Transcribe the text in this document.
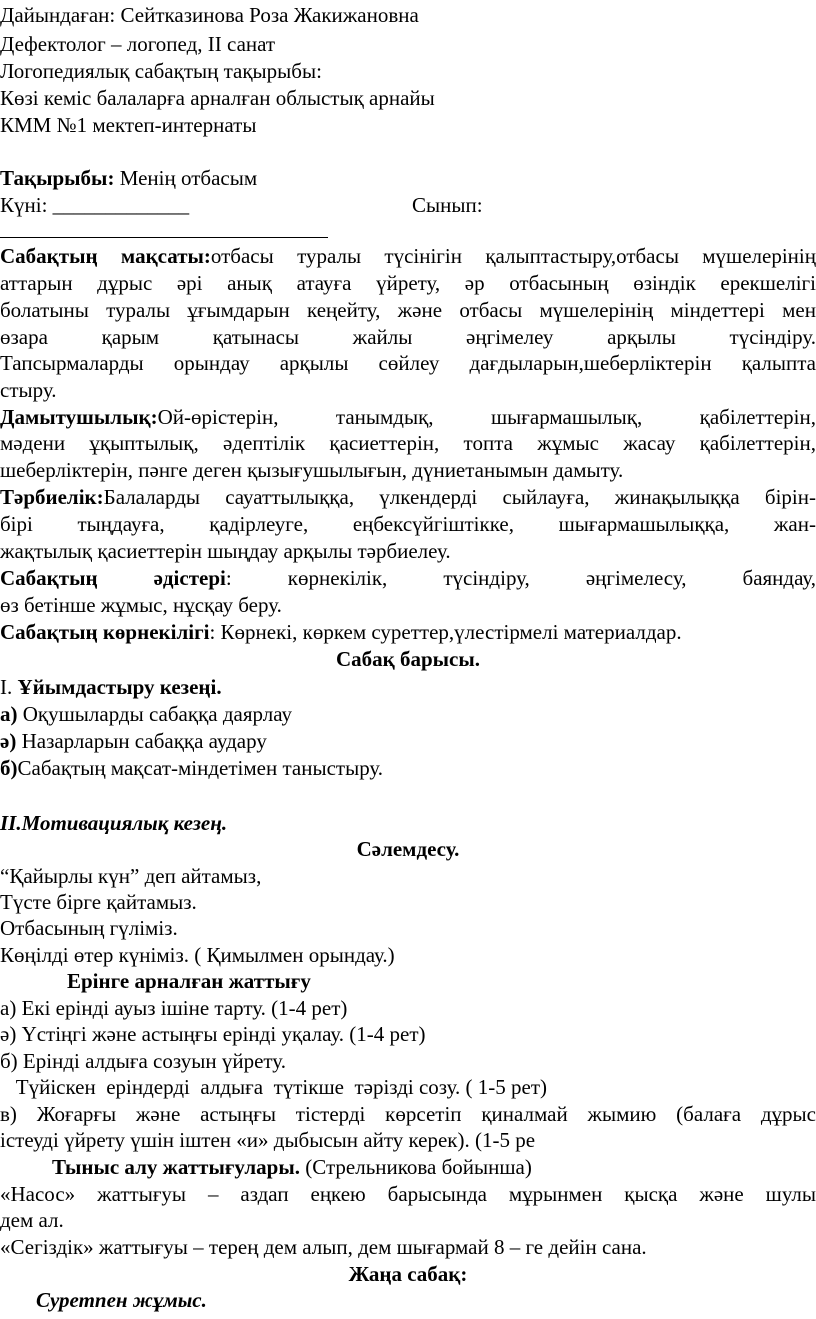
Дайындаған: Сейтказинова Роза Жакижановна

Дефектолог – логопед, ІІ санат

Логопедиялық сабақтың тақырыбы:

Көзі кеміс балаларға арналған облыстық арнайы

КММ №1 мектеп-интернаты

Тақырыбы: Менің отбасым

Күні: _____________	Сынып:

Сабақтың мақсаты:отбасы туралы түсінігін қалыптастыру,отбасы мүшелерінің

аттарын дұрыс әрі анық атауға үйрету, әр отбасының өзіндік ерекшелігі

болатыны туралы ұғымдарын кеңейту, және отбасы мүшелерінің міндеттері мен

өзара қарым қатынасы жайлы әңгімелеу арқылы түсіндіру.

Тапсырмаларды орындау арқылы сөйлеу дағдыларын,шеберліктерін қалыпта

стыру.

Дамытушылық:Ой-өрістерін, танымдық, шығармашылық, қабілеттерін,

мәдени ұқыптылық, әдептілік қасиеттерін, топта жұмыс жасау қабілеттерін,

шеберліктерін, пәнге деген қызығушылығын, дүниетанымын дамыту.

Тәрбиелік:Балаларды сауаттылыққа, үлкендерді сыйлауға, жинақылыққа бірін-

бірі тыңдауға, қадірлеуге, еңбексүйгіштікке, шығармашылыққа, жан-

жақтылық қасиеттерін шыңдау арқылы тәрбиелеу.

Сабақтың әдістері: көрнекілік, түсіндіру, әңгімелесу, баяндау,

өз бетінше жұмыс, нұсқау беру.

Сабақтың көрнекілігі: Көрнекі, көркем суреттер,үлестірмелі материалдар.

Сабақ барысы.

І. Ұйымдастыру кезеңі.

а) Оқушыларды сабаққа даярлау

ә) Назарларын сабаққа аудару

б)Сабақтың мақсат-міндетімен таныстыру.

ІІ.Мотивациялық кезең.

Сәлемдесу.

“Қайырлы күн” деп айтамыз,

Түсте бірге қайтамыз.

Отбасының гүліміз.

Көңілді өтер күніміз. ( Қимылмен орындау.)

Ерінге арналған жаттығу

а) Екі ерінді ауыз ішіне тарту. (1-4 рет)

ә) Үстіңгі және астыңғы ерінді уқалау. (1-4 рет)

б) Ерінді алдыға созуын үйрету.

Түйіскен  еріндерді  алдыға  түтікше  тәрізді созу. ( 1-5 рет)

в) Жоғарғы және астыңғы тістерді көрсетіп қиналмай жымию (балаға дұрыс

істеуді үйрету үшін іштен «и» дыбысын айту керек). (1-5 ре

Тыныс алу жаттығулары. (Стрельникова бойынша)

«Насос» жаттығуы – аздап еңкею барысында мұрынмен қысқа және шулы

дем ал.

«Сегіздік» жаттығуы – терең дем алып, дем шығармай 8 – ге дейін сана.

Жаңа сабақ:

Суретпен жұмыс.
